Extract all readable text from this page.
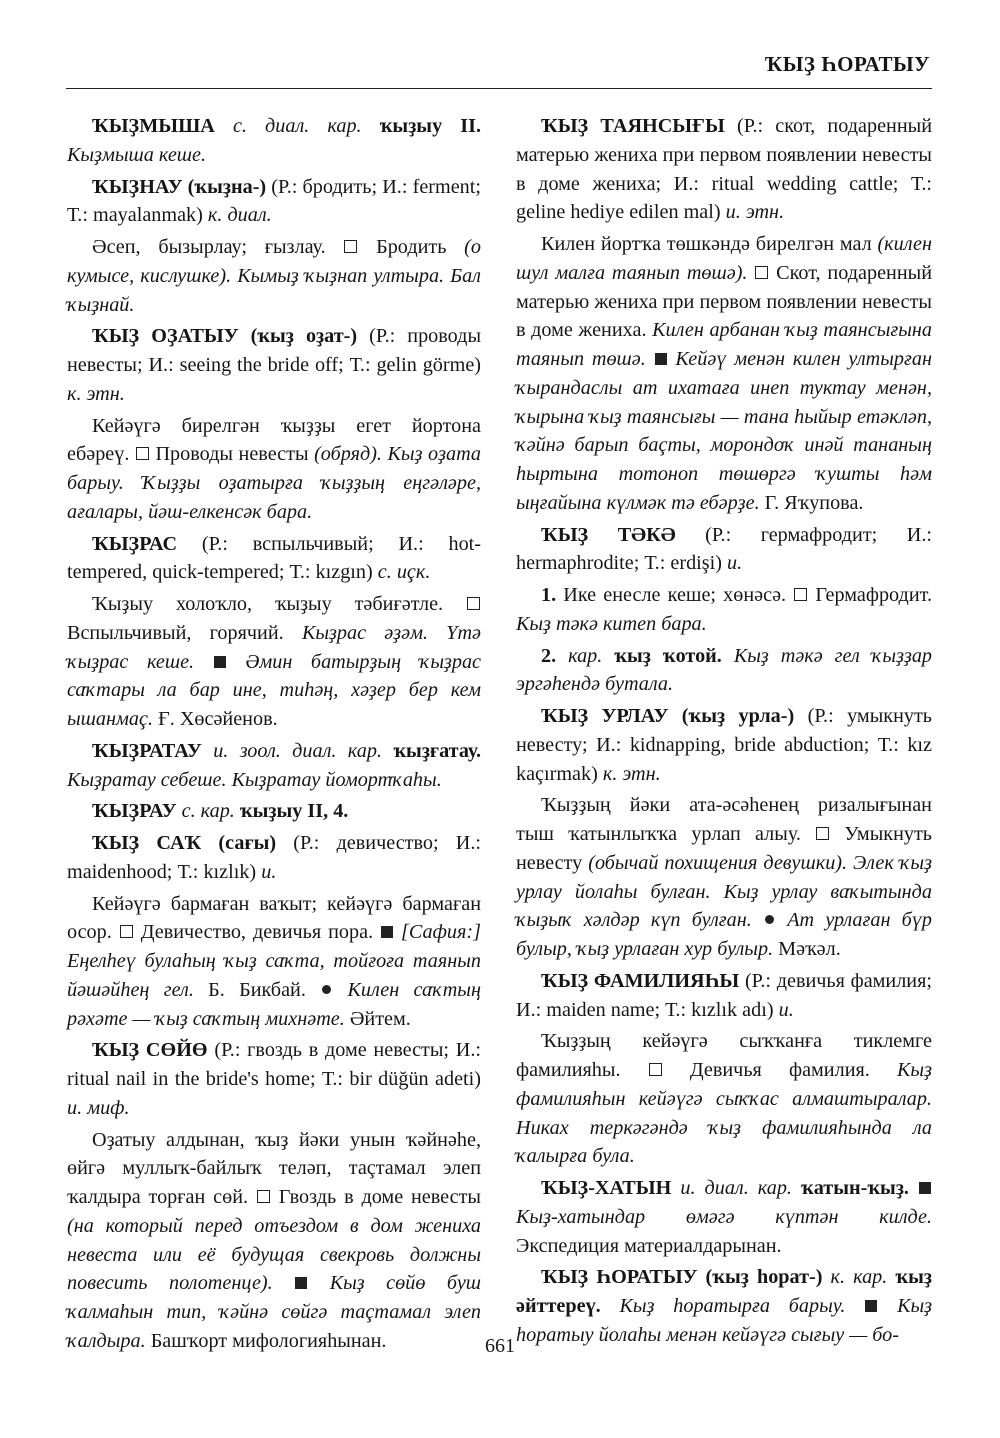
ҠЫҘ ҺОРАТЫУ

ҠЫҘМЫША с. диал. кар. ҡыҙыу II. Кыҙмыша кеше.

ҠЫҘНАУ (ҡыҙна-) (Р.: бродить; И.: ferment; Т.: mayalanmak) к. диал.

Әсеп, бызырлау; ғызлау.  Бродить (о кумысе, кислушке). Кымыҙ ҡыҙнап ултыра. Бал ҡыҙнай.

ҠЫҘ ОҘАТЫУ (ҡыҙ оҙат-) (Р.: проводы невесты; И.: seeing the bride off; Т.: gelin görme) к. этн.

Кейәүгә бирелгән ҡыҙҙы егет йортона ебәреү.  Проводы невесты (обряд). Кыҙ оҙата барыу. Ҡыҙҙы оҙатырға ҡыҙҙың еңгәләре, ағалары, йәш-елкенсәк бара.

ҠЫҘРАС (Р.: вспыльчивый; И.: hot-tempered, quick-tempered; Т.: kızgın) с. иçк.

Ҡыҙыу холоҡло, ҡыҙыу тәбиғәтле.  Вспыльчивый, горячий. Кыҙрас әҙәм. Үтә ҡыҙрас кеше.	Әмин батырҙың ҡыҙрас саҡтары ла бар ине, тиһәң, хәҙер бер кем ышанмаç. Ғ. Хөсәйенов.

ҠЫҘРАТАУ и. зоол. диал. кар. ҡыҙғатау. Кыҙратау себеше. Кыҙратау йомортҡаһы.

ҠЫҘРАУ с. кар. ҡыҙыу II, 4.

ҠЫҘ САҠ (сағы) (Р.: девичество; И.: maidenhood; Т.: kızlık) и.

Кейәүгә бармаған ваҡыт; кейәүгә бармаған осор.  Девичество, девичья пора.  [Сафия:] Еңелһеү булаһың ҡыҙ саҡта, тойғоға таянып йәшәйһең гел. Б. Бикбай.  Килен саҡтың рәхәте — ҡыҙ саҡтың михнәте. Әйтем.

ҠЫҘ СӨЙӨ (Р.: гвоздь в доме невесты; И.: ritual nail in the bride's home; Т.: bir düğün adeti) и. миф.

Оҙатыу алдынан, ҡыҙ йәки унын ҡәйнәһе, өйгә муллыҡ-байлыҡ теләп, таçтамал элеп ҡалдыра торған сөй.  Гвоздь в доме невесты (на который перед отъездом в дом жениха невеста или её будущая свекровь должны повесить полотенце).	Кыҙ сөйө буш ҡалмаһын тип, ҡәйнә сөйгә таçтамал элеп ҡалдыра. Башҡорт мифологияһынан.

ҠЫҘ ТАЯНСЫҒЫ (Р.: скот, подаренный матерью жениха при первом появлении невесты в доме жениха; И.: ritual wedding cattle; Т.: geline hediye edilen mal) и. этн.

Килен йортҡа төшкәндә бирелгән мал (килен шул малға таянып төшә).  Скот, подаренный матерью жениха при первом появлении невесты в доме жениха. Килен арбанан ҡыҙ таянсығына таянып төшә. Кейәү менән килен ултырған ҡырандаслы ат ихатаға инеп туктау менән, ҡырына ҡыҙ таянсығы — тана һыйыр етәкләп, ҡәйнә барып баçты, морондоҡ инәй тананың һыртына тотоноп төшөргә ҡушты һәм ыңғайына күлмәк тә ебәрҙе. Г. Яҡупова.

ҠЫҘ ТӘКӘ (Р.: гермафродит; И.: hermaphrodite; Т.: erdişi) и.

1. Ике енесле кеше; хөнәсә.  Гермафродит. Кыҙ тәкә китеп бара.

2. кар. ҡыҙ ҡотой. Кыҙ тәкә гел ҡыҙҙар эргәһендә бутала.

ҠЫҘ УРЛАУ (ҡыҙ урла-) (Р.: умыкнуть невесту; И.: kidnapping, bride abduction; Т.: kız kaçırmak) к. этн.

Ҡыҙҙың йәки ата-әсәһенең ризалығынан тыш ҡатынлыҡҡа урлап алыу.  Умыкнуть невесту (обычай похищения девушки). Элек ҡыҙ урлау йолаһы булған. Кыҙ урлау ваҡытында ҡыҙыҡ хәлдәр күп булған. Ат урлаған бүр булыр, ҡыҙ урлаған хур булыр. Мәҡәл.

ҠЫҘ ФАМИЛИЯҺЫ (Р.: девичья фамилия; И.: maiden name; Т.: kızlık adı) и.

Ҡыҙҙың кейәүгә сыҡҡанға тиклемге фамилияһы.  Девичья фамилия. Кыҙ фамилияһын кейәүгә сыҡҡас алмаштыралар. Никах теркәгәндә ҡыҙ фамилияһында ла ҡалырға була.

ҠЫҘ-ХАТЫН и. диал. кар. ҡатын-ҡыҙ.  Кыҙ-хатындар өмәгә күптән килде. Экспедиция материалдарынан.

ҠЫҘ ҺОРАТЫУ (ҡыҙ һорат-) к. кар. ҡыҙ әйттереү. Кыҙ һоратырға барыу.	Кыҙ һоратыу йолаһы менән кейәүгә сығыу — бо-

661
